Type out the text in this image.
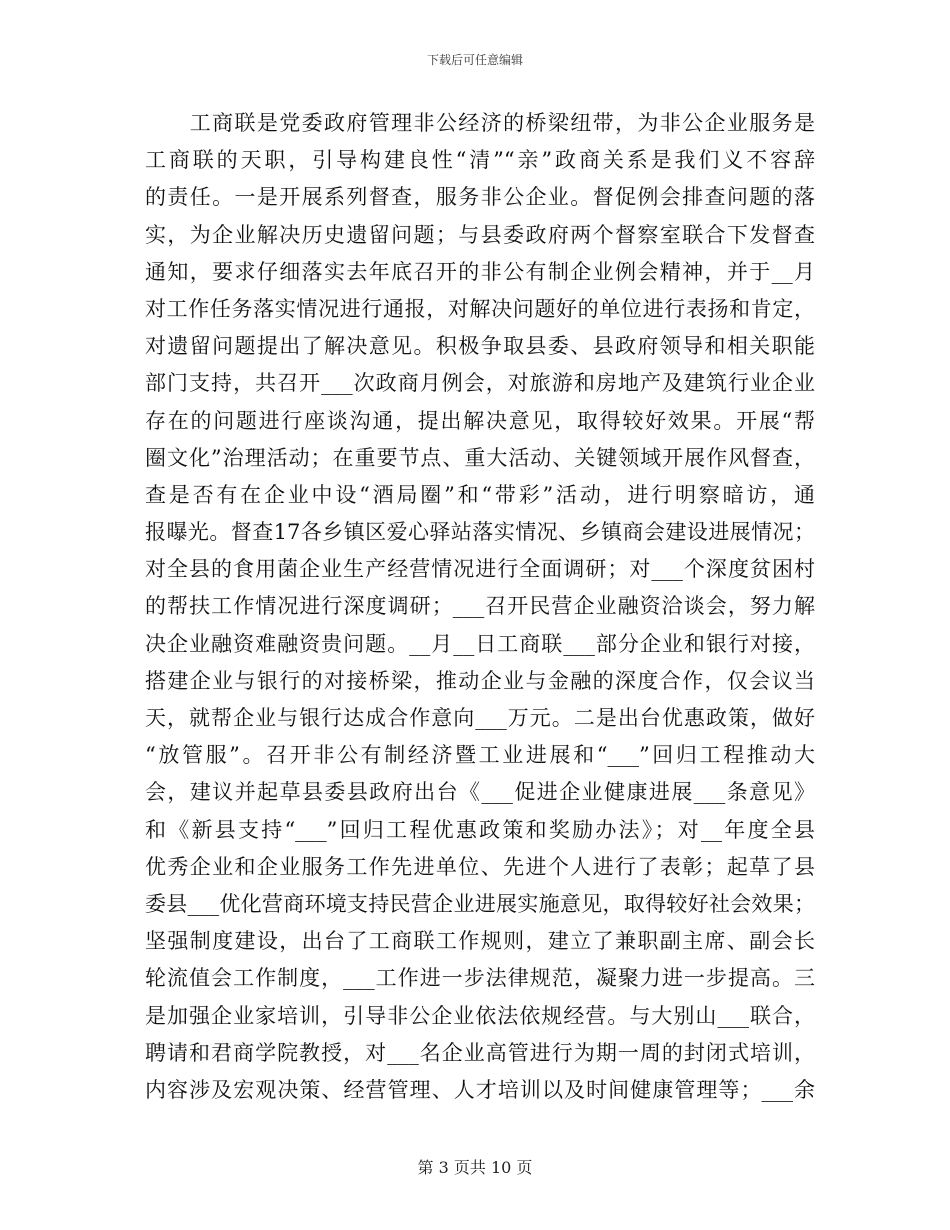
下载后可任意编辑
　　工商联是党委政府管理非公经济的桥梁纽带，为非公企业服务是
工商联的天职，引导构建良性“清”“亲”政商关系是我们义不容辞
的责任。一是开展系列督查，服务非公企业。督促例会排查问题的落
实，为企业解决历史遗留问题；与县委政府两个督察室联合下发督查
通知，要求仔细落实去年底召开的非公有制企业例会精神，并于__月
对工作任务落实情况进行通报，对解决问题好的单位进行表扬和肯定，
对遗留问题提出了解决意见。积极争取县委、县政府领导和相关职能
部门支持，共召开___次政商月例会，对旅游和房地产及建筑行业企业
存在的问题进行座谈沟通，提出解决意见，取得较好效果。开展“帮
圈文化”治理活动；在重要节点、重大活动、关键领域开展作风督查，
查是否有在企业中设“酒局圈”和“带彩”活动，进行明察暗访，通
报曝光。督查17各乡镇区爱心驿站落实情况、乡镇商会建设进展情况；
对全县的食用菌企业生产经营情况进行全面调研；对___个深度贫困村
的帮扶工作情况进行深度调研；___召开民营企业融资洽谈会，努力解
决企业融资难融资贵问题。__月__日工商联___部分企业和银行对接，
搭建企业与银行的对接桥梁，推动企业与金融的深度合作，仅会议当
天，就帮企业与银行达成合作意向___万元。二是出台优惠政策，做好
“放管服”。召开非公有制经济暨工业进展和“___”回归工程推动大
会，建议并起草县委县政府出台《___促进企业健康进展___条意见》
和《新县支持“___”回归工程优惠政策和奖励办法》；对__年度全县
优秀企业和企业服务工作先进单位、先进个人进行了表彰；起草了县
委县___优化营商环境支持民营企业进展实施意见，取得较好社会效果；
坚强制度建设，出台了工商联工作规则，建立了兼职副主席、副会长
轮流值会工作制度，___工作进一步法律规范，凝聚力进一步提高。三
是加强企业家培训，引导非公企业依法依规经营。与大别山___联合，
聘请和君商学院教授，对___名企业高管进行为期一周的封闭式培训，
内容涉及宏观决策、经营管理、人才培训以及时间健康管理等；___余
第 3 页共 10 页
